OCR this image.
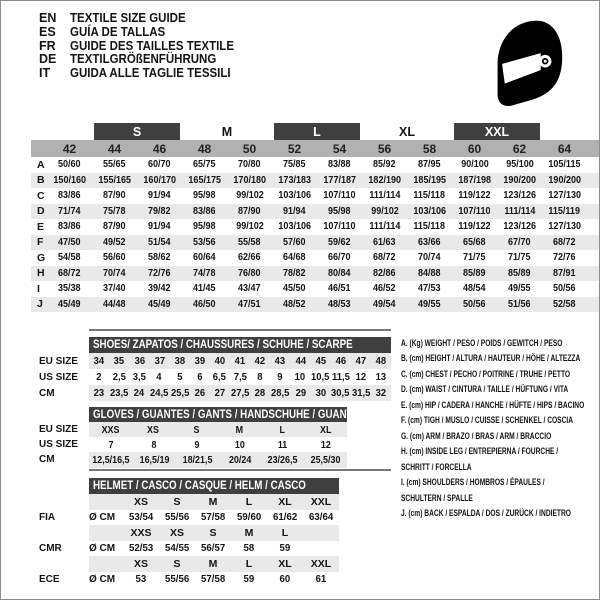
EN	TEXTILE SIZE GUIDE
ES	GUÍA DE TALLAS
FR	GUIDE DES TAILLES TEXTILE
DE	TEXTILGRÖßENFÜHRUNG
IT	GUIDA ALLE TAGLIE TESSILI
S	M	L	XL	XXL
42	44	46	48	50	52	54	56	58	60	62	64
A	50/60	55/65	60/70	65/75	70/80	75/85	83/88	85/92	87/95	90/100	95/100	105/115
B 150/160	155/165	160/170	165/175	170/180	173/183	177/187	182/190	185/195	187/198	190/200	190/200
C	83/86	87/90	91/94	95/98	99/102	103/106	107/110	111/114	115/118	119/122	123/126	127/130
D	71/74	75/78	79/82	83/86	87/90	91/94	95/98	99/102	103/106	107/110	111/114	115/119
E	83/86	87/90	91/94	95/98	99/102	103/106	107/110	111/114	115/118	119/122	123/126	127/130
F	47/50	49/52	51/54	53/56	55/58	57/60	59/62	61/63	63/66	65/68	67/70	68/72
G	54/58	56/60	58/62	60/64	62/66	64/68	66/70	68/72	70/74	71/75	71/75	72/76
H	68/72	70/74	72/76	74/78	76/80	78/82	80/84	82/86	84/88	85/89	85/89	87/91
I	35/38	37/40	39/42	41/45	43/47	45/50	46/51	46/52	47/53	48/54	49/55	50/56
J	45/49	44/48	45/49	46/50	47/51	48/52	48/53	49/54	49/55	50/56	51/56	52/58
SHOES/ ZAPATOS / CHAUSSURES / SCHUHE / SCARPE
EU SIZE	34 35 36 37 38 39 40 41 42 43 44 45 46 47 48
US SIZE	2	2,5 3,5	4	5	6	6,5 7,5	8	9	10 10,5 11,5 12 13
CM	23 23,5 24 24,5 25,5 26 27 27,5 28 28,5 29 30 30,5 31,5 32
GLOVES / GUANTES / GANTS / HANDSCHUHE / GUANTI
EU SIZE	XXS	XS	S	M	L	XL
US SIZE	7	8	9	10	11	12
CM	12,5/16,5 16,5/19	18/21,5	20/24	23/26,5	25,5/30
HELMET / CASCO / CASQUE / HELM / CASCO
XS	S	M	L	XL	XXL
FIA	Ø CM	53/54	55/56	57/58	59/60	61/62	63/64
XXS	XS	S	M	L
CMR	Ø CM	52/53	54/55	56/57	58	59
XS	S	M	L	XL	XXL
ECE	Ø CM	53	55/56	57/58	59	60	61
A. (Kg) WEIGHT / PESO / POIDS / GEWITCH / PESO
B. (cm) HEIGHT / ALTURA / HAUTEUR / HÖHE / ALTEZZA
C. (cm) CHEST / PECHO / POITRINE / TRUHE / PETTO
D. (cm) WAIST / CINTURA / TAILLE / HÜFTUNG / VITA
E. (cm) HIP / CADERA / HANCHE / HÜFTE / HIPS / BACINO
F. (cm) TIGH / MUSLO / CUISSE / SCHENKEL / COSCIA
G. (cm) ARM / BRAZO / BRAS / ARM / BRACCIO
H. (cm) INSIDE LEG / ENTREPIERNA / FOURCHE /
SCHRITT / FORCELLA
I. (cm) SHOULDERS / HOMBROS / ÉPAULES /
SCHULTERN / SPALLE
J. (cm) BACK / ESPALDA / DOS / ZURÜCK / INDIETRO
